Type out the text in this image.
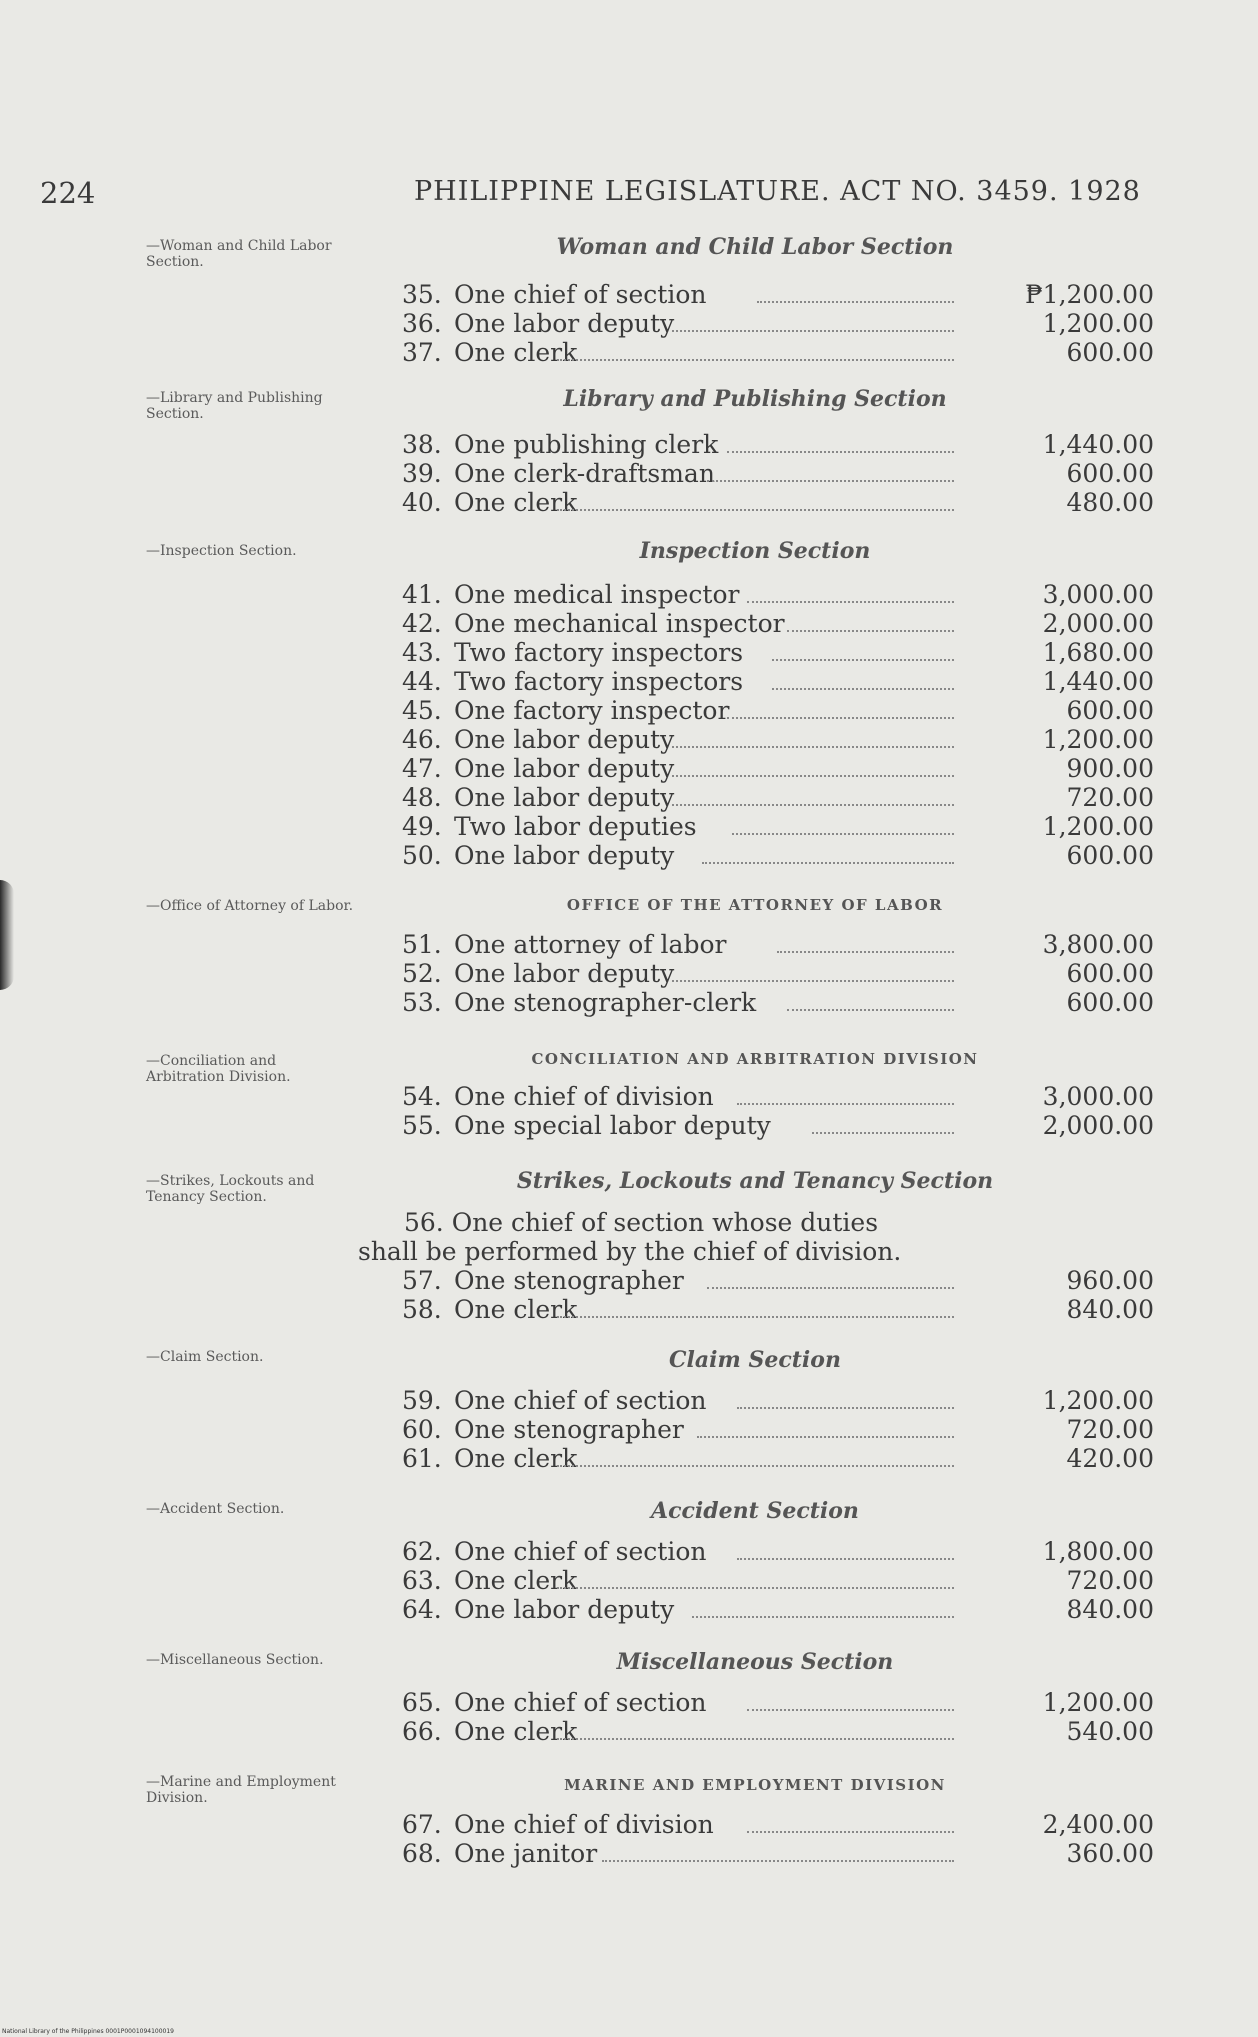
224	PHILIPPINE LEGISLATURE. ACT NO. 3459. 1928
—Woman and Child Labor Section.
—Library and Publishing Section.
—Inspection Section.
—Office of Attorney of Labor.
—Conciliation and Arbitration Division.
—Strikes, Lockouts and Tenancy Section.
—Claim Section.
—Accident Section.
—Miscellaneous Section.
—Marine and Employment Division.
Woman and Child Labor Section
Library and Publishing Section
Inspection Section
OFFICE OF THE ATTORNEY OF LABOR
CONCILIATION AND ARBITRATION DIVISION
Strikes, Lockouts and Tenancy Section
Claim Section
Accident Section
Miscellaneous Section
MARINE AND EMPLOYMENT DIVISION
56. One chief of section whose duties
shall be performed by the chief of division.
35. One chief of section	₱1,200.00
36. One labor deputy	1,200.00
37. One clerk	600.00
38. One publishing clerk	1,440.00
39. One clerk-draftsman	600.00
40. One clerk	480.00
41. One medical inspector	3,000.00
42. One mechanical inspector	2,000.00
43. Two factory inspectors	1,680.00
44. Two factory inspectors	1,440.00
45. One factory inspector	600.00
46. One labor deputy	1,200.00
47. One labor deputy	900.00
48. One labor deputy	720.00
49. Two labor deputies	1,200.00
50. One labor deputy	600.00
51. One attorney of labor	3,800.00
52. One labor deputy	600.00
53. One stenographer-clerk	600.00
54. One chief of division	3,000.00
55. One special labor deputy	2,000.00
57. One stenographer	960.00
58. One clerk	840.00
59. One chief of section	1,200.00
60. One stenographer	720.00
61. One clerk	420.00
62. One chief of section	1,800.00
63. One clerk	720.00
64. One labor deputy	840.00
65. One chief of section	1,200.00
66. One clerk	540.00
67. One chief of division	2,400.00
68. One janitor	360.00
National Library of the Philippines 0001P0001094100019
